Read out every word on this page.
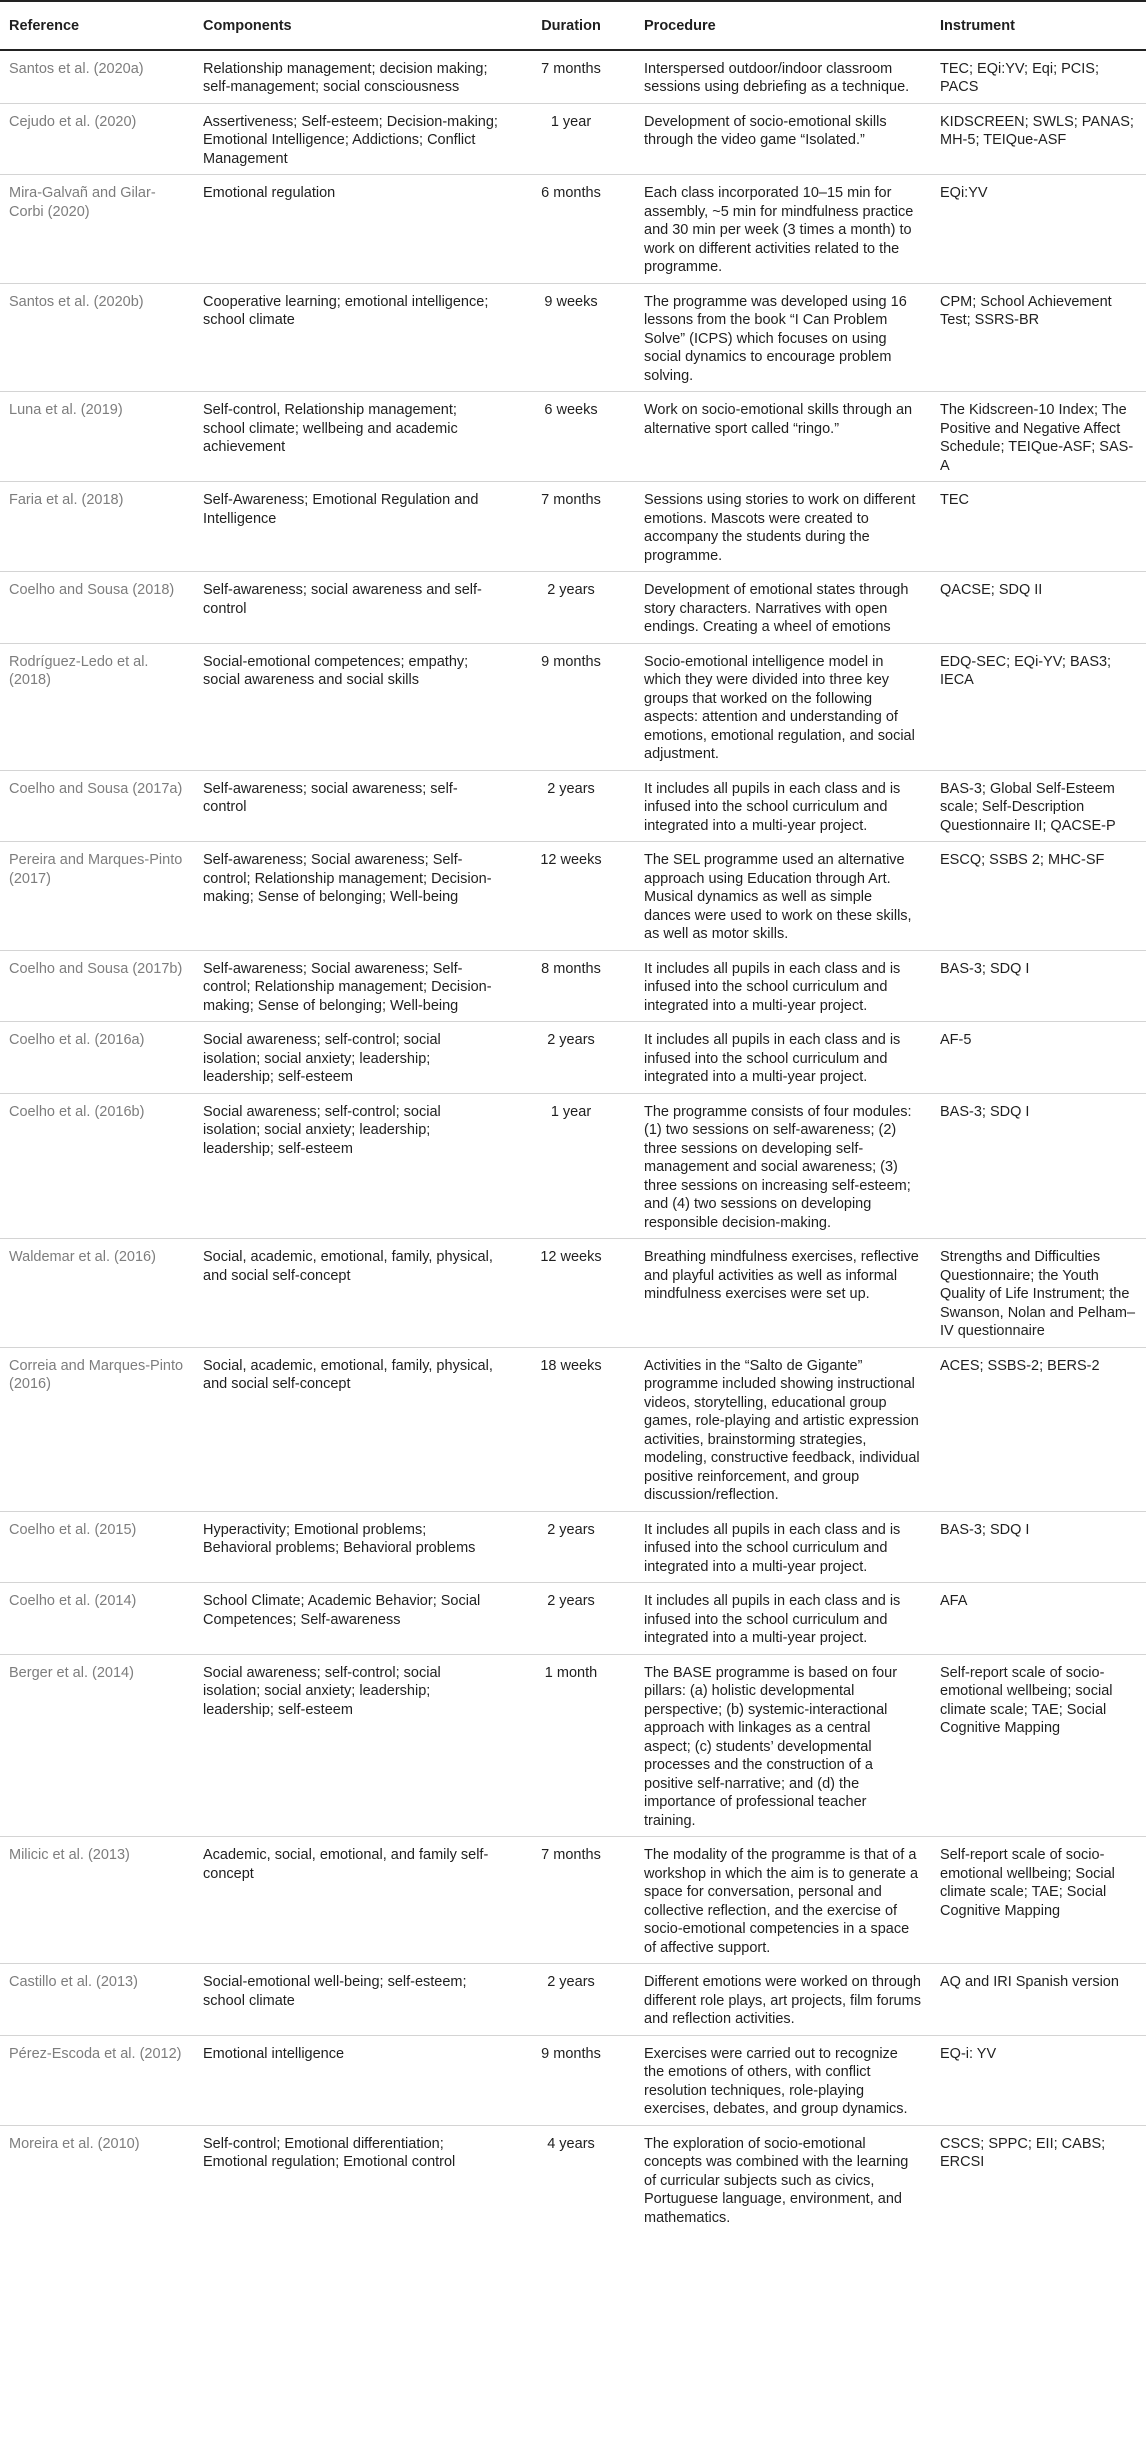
Reference	Components	Duration	Procedure	Instrument
Santos et al. (2020a)	Relationship management; decision making; self-management; social consciousness	7 months	Interspersed outdoor/indoor classroom sessions using debriefing as a technique.	TEC; EQi:YV; Eqi; PCIS; PACS
Cejudo et al. (2020)	Assertiveness; Self-esteem; Decision-making; Emotional Intelligence; Addictions; Conflict Management	1 year	Development of socio-emotional skills through the video game “Isolated.”	KIDSCREEN; SWLS; PANAS; MH-5; TEIQue-ASF
Mira-Galvañ and Gilar-Corbi (2020)	Emotional regulation	6 months	Each class incorporated 10–15 min for assembly, ~5 min for mindfulness practice and 30 min per week (3 times a month) to work on different activities related to the programme.	EQi:YV
Santos et al. (2020b)	Cooperative learning; emotional intelligence; school climate	9 weeks	The programme was developed using 16 lessons from the book “I Can Problem Solve” (ICPS) which focuses on using social dynamics to encourage problem solving.	CPM; School Achievement Test; SSRS-BR
Luna et al. (2019)	Self-control, Relationship management; school climate; wellbeing and academic achievement	6 weeks	Work on socio-emotional skills through an alternative sport called “ringo.”	The Kidscreen-10 Index; The Positive and Negative Affect Schedule; TEIQue-ASF; SAS-A
Faria et al. (2018)	Self-Awareness; Emotional Regulation and Intelligence	7 months	Sessions using stories to work on different emotions. Mascots were created to accompany the students during the programme.	TEC
Coelho and Sousa (2018)	Self-awareness; social awareness and self-control	2 years	Development of emotional states through story characters. Narratives with open endings. Creating a wheel of emotions	QACSE; SDQ II
Rodríguez-Ledo et al. (2018)	Social-emotional competences; empathy; social awareness and social skills	9 months	Socio-emotional intelligence model in which they were divided into three key groups that worked on the following aspects: attention and understanding of emotions, emotional regulation, and social adjustment.	EDQ-SEC; EQi-YV; BAS3; IECA
Coelho and Sousa (2017a)	Self-awareness; social awareness; self-control	2 years	It includes all pupils in each class and is infused into the school curriculum and integrated into a multi-year project.	BAS-3; Global Self-Esteem scale; Self-Description Questionnaire II; QACSE-P
Pereira and Marques-Pinto (2017)	Self-awareness; Social awareness; Self-control; Relationship management; Decision-making; Sense of belonging; Well-being	12 weeks	The SEL programme used an alternative approach using Education through Art. Musical dynamics as well as simple dances were used to work on these skills, as well as motor skills.	ESCQ; SSBS 2; MHC-SF
Coelho and Sousa (2017b)	Self-awareness; Social awareness; Self-control; Relationship management; Decision-making; Sense of belonging; Well-being	8 months	It includes all pupils in each class and is infused into the school curriculum and integrated into a multi-year project.	BAS-3; SDQ I
Coelho et al. (2016a)	Social awareness; self-control; social isolation; social anxiety; leadership; leadership; self-esteem	2 years	It includes all pupils in each class and is infused into the school curriculum and integrated into a multi-year project.	AF-5
Coelho et al. (2016b)	Social awareness; self-control; social isolation; social anxiety; leadership; leadership; self-esteem	1 year	The programme consists of four modules: (1) two sessions on self-awareness; (2) three sessions on developing self-management and social awareness; (3) three sessions on increasing self-esteem; and (4) two sessions on developing responsible decision-making.	BAS-3; SDQ I
Waldemar et al. (2016)	Social, academic, emotional, family, physical, and social self-concept	12 weeks	Breathing mindfulness exercises, reflective and playful activities as well as informal mindfulness exercises were set up.	Strengths and Difficulties Questionnaire; the Youth Quality of Life Instrument; the Swanson, Nolan and Pelham–IV questionnaire
Correia and Marques-Pinto (2016)	Social, academic, emotional, family, physical, and social self-concept	18 weeks	Activities in the “Salto de Gigante” programme included showing instructional videos, storytelling, educational group games, role-playing and artistic expression activities, brainstorming strategies, modeling, constructive feedback, individual positive reinforcement, and group discussion/reflection.	ACES; SSBS-2; BERS-2
Coelho et al. (2015)	Hyperactivity; Emotional problems; Behavioral problems; Behavioral problems	2 years	It includes all pupils in each class and is infused into the school curriculum and integrated into a multi-year project.	BAS-3; SDQ I
Coelho et al. (2014)	School Climate; Academic Behavior; Social Competences; Self-awareness	2 years	It includes all pupils in each class and is infused into the school curriculum and integrated into a multi-year project.	AFA
Berger et al. (2014)	Social awareness; self-control; social isolation; social anxiety; leadership; leadership; self-esteem	1 month	The BASE programme is based on four pillars: (a) holistic developmental perspective; (b) systemic-interactional approach with linkages as a central aspect; (c) students’ developmental processes and the construction of a positive self-narrative; and (d) the importance of professional teacher training.	Self-report scale of socio-emotional wellbeing; social climate scale; TAE; Social Cognitive Mapping
Milicic et al. (2013)	Academic, social, emotional, and family self-concept	7 months	The modality of the programme is that of a workshop in which the aim is to generate a space for conversation, personal and collective reflection, and the exercise of socio-emotional competencies in a space of affective support.	Self-report scale of socio-emotional wellbeing; Social climate scale; TAE; Social Cognitive Mapping
Castillo et al. (2013)	Social-emotional well-being; self-esteem; school climate	2 years	Different emotions were worked on through different role plays, art projects, film forums and reflection activities.	AQ and IRI Spanish version
Pérez-Escoda et al. (2012)	Emotional intelligence	9 months	Exercises were carried out to recognize the emotions of others, with conflict resolution techniques, role-playing exercises, debates, and group dynamics.	EQ-i: YV
Moreira et al. (2010)	Self-control; Emotional differentiation; Emotional regulation; Emotional control	4 years	The exploration of socio-emotional concepts was combined with the learning of curricular subjects such as civics, Portuguese language, environment, and mathematics.	CSCS; SPPC; EII; CABS; ERCSI
